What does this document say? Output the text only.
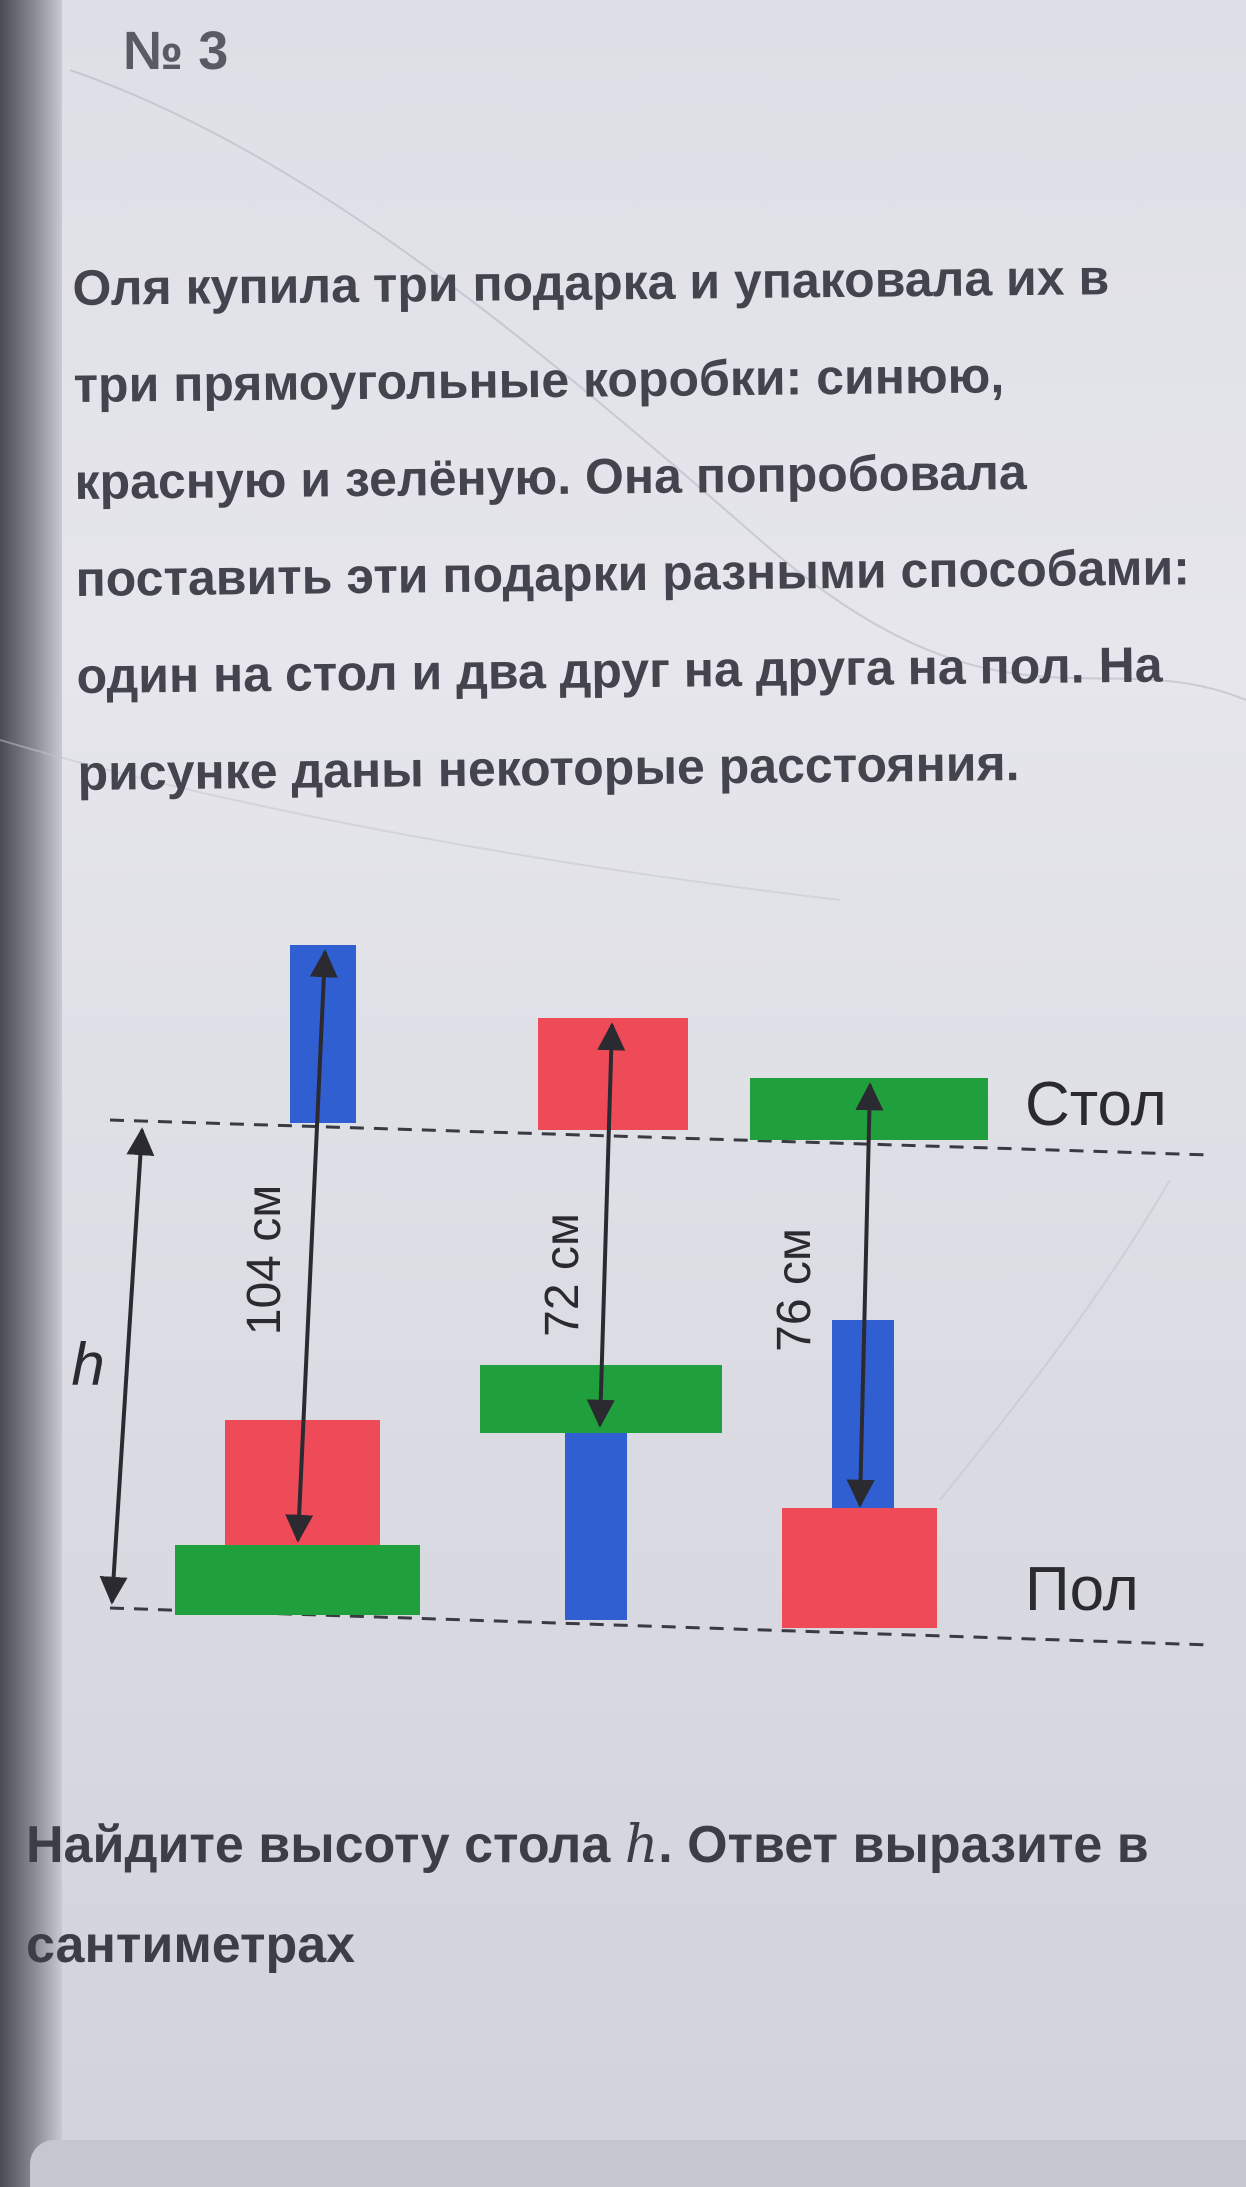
№ 3

Оля купила три подарка и упаковала их в три прямоугольные коробки: синюю, красную и зелёную. Она попробовала поставить эти подарки разными способами: один на стол и два друг на друга на пол. На рисунке даны некоторые расстояния.

104 см	72 см	76 см
h
Стол
Пол

Найдите высоту стола h. Ответ выразите в сантиметрах
